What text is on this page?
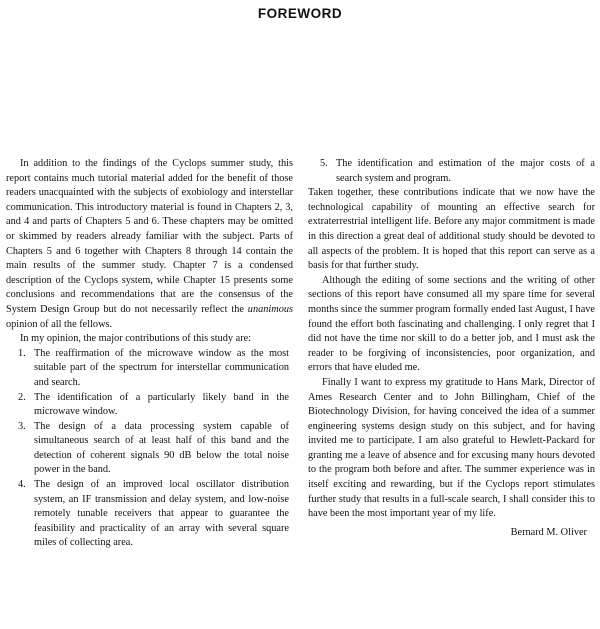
FOREWORD

In addition to the findings of the Cyclops summer study, this report contains much tutorial material added for the benefit of those readers unacquainted with the subjects of exobiology and interstellar communication. This introductory material is found in Chapters 2, 3, and 4 and parts of Chapters 5 and 6. These chapters may be omitted or skimmed by readers already familiar with the subject. Parts of Chapters 5 and 6 together with Chapters 8 through 14 contain the main results of the summer study. Chapter 7 is a condensed description of the Cyclops system, while Chapter 15 presents some conclusions and recommendations that are the consensus of the System Design Group but do not necessarily reflect the unanimous opinion of all the fellows.

In my opinion, the major contributions of this study are:

1. The reaffirmation of the microwave window as the most suitable part of the spectrum for interstellar communication and search.
2. The identification of a particularly likely band in the microwave window.
3. The design of a data processing system capable of simultaneous search of at least half of this band and the detection of coherent signals 90 dB below the total noise power in the band.
4. The design of an improved local oscillator distribution system, an IF transmission and delay system, and low-noise remotely tunable receivers that appear to guarantee the feasibility and practicality of an array with several square miles of collecting area.
5. The identification and estimation of the major costs of a search system and program.

Taken together, these contributions indicate that we now have the technological capability of mounting an effective search for extraterrestrial intelligent life. Before any major commitment is made in this direction a great deal of additional study should be devoted to all aspects of the problem. It is hoped that this report can serve as a basis for that further study.

Although the editing of some sections and the writing of other sections of this report have consumed all my spare time for several months since the summer program formally ended last August, I have found the effort both fascinating and challenging. I only regret that I did not have the time nor skill to do a better job, and I must ask the reader to be forgiving of inconsistencies, poor organization, and errors that have eluded me.

Finally I want to express my gratitude to Hans Mark, Director of Ames Research Center and to John Billingham, Chief of the Biotechnology Division, for having conceived the idea of a summer engineering systems design study on this subject, and for having invited me to participate. I am also grateful to Hewlett-Packard for granting me a leave of absence and for excusing many hours devoted to the program both before and after. The summer experience was in itself exciting and rewarding, but if the Cyclops report stimulates further study that results in a full-scale search, I shall consider this to have been the most important year of my life.

Bernard M. Oliver
